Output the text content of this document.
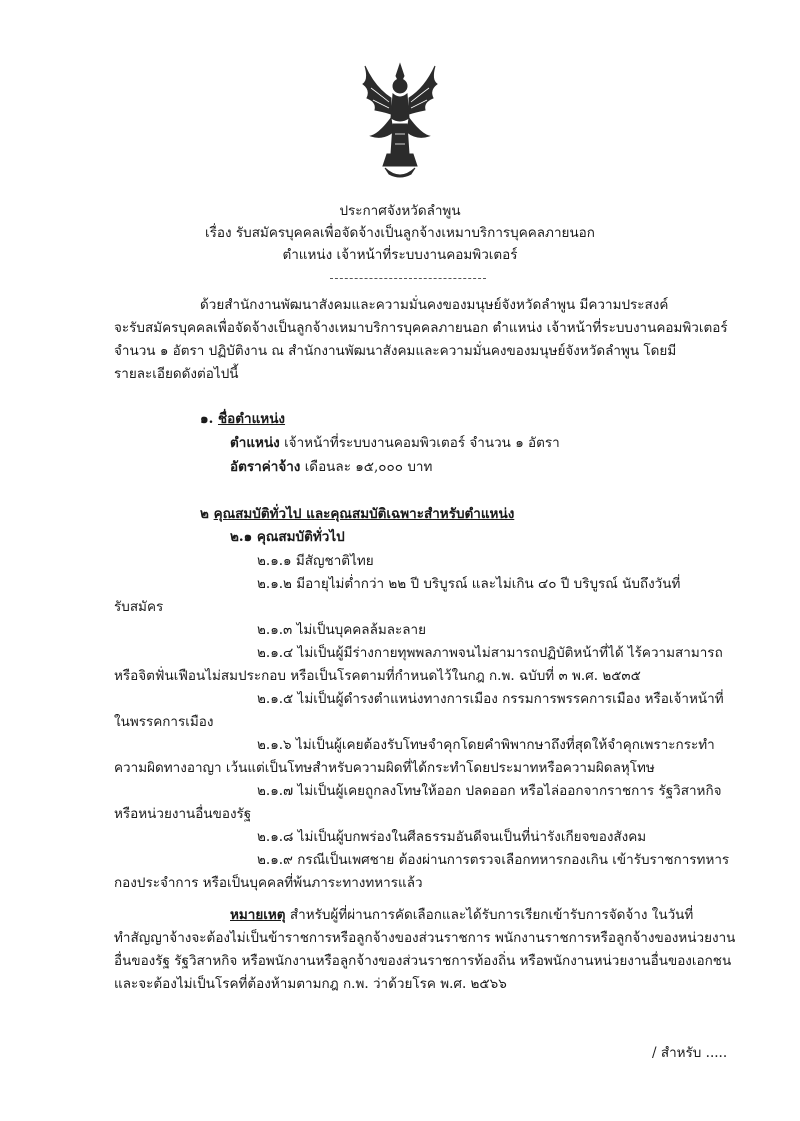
ประกาศจังหวัดลำพูน
เรื่อง รับสมัครบุคคลเพื่อจัดจ้างเป็นลูกจ้างเหมาบริการบุคคลภายนอก
ตำแหน่ง เจ้าหน้าที่ระบบงานคอมพิวเตอร์
ด้วยสำนักงานพัฒนาสังคมและความมั่นคงของมนุษย์จังหวัดลำพูน มีความประสงค์
จะรับสมัครบุคคลเพื่อจัดจ้างเป็นลูกจ้างเหมาบริการบุคคลภายนอก ตำแหน่ง เจ้าหน้าที่ระบบงานคอมพิวเตอร์
จำนวน ๑ อัตรา ปฏิบัติงาน ณ สำนักงานพัฒนาสังคมและความมั่นคงของมนุษย์จังหวัดลำพูน โดยมี
รายละเอียดดังต่อไปนี้
๑. ชื่อตำแหน่ง
ตำแหน่ง เจ้าหน้าที่ระบบงานคอมพิวเตอร์ จำนวน ๑ อัตรา
อัตราค่าจ้าง เดือนละ ๑๕,๐๐๐ บาท
๒ คุณสมบัติทั่วไป และคุณสมบัติเฉพาะสำหรับตำแหน่ง
๒.๑ คุณสมบัติทั่วไป
๒.๑.๑ มีสัญชาติไทย
๒.๑.๒ มีอายุไม่ต่ำกว่า ๒๒ ปี บริบูรณ์ และไม่เกิน ๔๐ ปี บริบูรณ์ นับถึงวันที่
รับสมัคร
๒.๑.๓ ไม่เป็นบุคคลล้มละลาย
๒.๑.๔ ไม่เป็นผู้มีร่างกายทุพพลภาพจนไม่สามารถปฏิบัติหน้าที่ได้ ไร้ความสามารถ
หรือจิตฟั่นเฟือนไม่สมประกอบ หรือเป็นโรคตามที่กำหนดไว้ในกฎ ก.พ. ฉบับที่ ๓ พ.ศ. ๒๕๓๕
๒.๑.๕ ไม่เป็นผู้ดำรงตำแหน่งทางการเมือง กรรมการพรรคการเมือง หรือเจ้าหน้าที่
ในพรรคการเมือง
๒.๑.๖ ไม่เป็นผู้เคยต้องรับโทษจำคุกโดยคำพิพากษาถึงที่สุดให้จำคุกเพราะกระทำ
ความผิดทางอาญา เว้นแต่เป็นโทษสำหรับความผิดที่ได้กระทำโดยประมาทหรือความผิดลหุโทษ
๒.๑.๗ ไม่เป็นผู้เคยถูกลงโทษให้ออก ปลดออก หรือไล่ออกจากราชการ รัฐวิสาหกิจ
หรือหน่วยงานอื่นของรัฐ
๒.๑.๘ ไม่เป็นผู้บกพร่องในศีลธรรมอันดีจนเป็นที่น่ารังเกียจของสังคม
๒.๑.๙ กรณีเป็นเพศชาย ต้องผ่านการตรวจเลือกทหารกองเกิน เข้ารับราชการทหาร
กองประจำการ หรือเป็นบุคคลที่พ้นภาระทางทหารแล้ว
หมายเหตุ สำหรับผู้ที่ผ่านการคัดเลือกและได้รับการเรียกเข้ารับการจัดจ้าง ในวันที่
ทำสัญญาจ้างจะต้องไม่เป็นข้าราชการหรือลูกจ้างของส่วนราชการ พนักงานราชการหรือลูกจ้างของหน่วยงาน
อื่นของรัฐ รัฐวิสาหกิจ หรือพนักงานหรือลูกจ้างของส่วนราชการท้องถิ่น หรือพนักงานหน่วยงานอื่นของเอกชน
และจะต้องไม่เป็นโรคที่ต้องห้ามตามกฎ ก.พ. ว่าด้วยโรค พ.ศ. ๒๕๖๖
/ สำหรับ .....
